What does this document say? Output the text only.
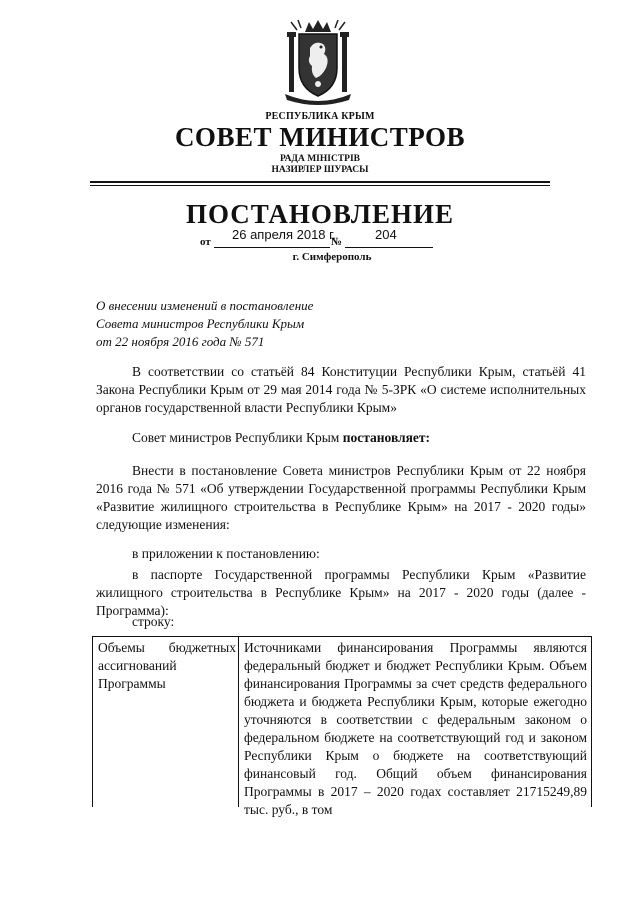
РЕСПУБЛИКА КРЫМ
СОВЕТ МИНИСТРОВ
РАДА МІНІСТРІВ
НАЗИРЛЕР ШУРАСЫ
ПОСТАНОВЛЕНИЕ
26 апреля 2018 г.	204
от	№
г. Симферополь
О внесении изменений в постановление
Совета министров Республики Крым
от 22 ноября 2016 года № 571
В соответствии со статьёй 84 Конституции Республики Крым, статьёй 41 Закона Республики Крым от 29 мая 2014 года № 5-ЗРК «О системе исполнительных органов государственной власти Республики Крым»
Совет министров Республики Крым постановляет:
Внести в постановление Совета министров Республики Крым от 22 ноября 2016 года № 571 «Об утверждении Государственной программы Республики Крым «Развитие жилищного строительства в Республике Крым» на 2017 - 2020 годы» следующие изменения:
в приложении к постановлению:
в паспорте Государственной программы Республики Крым «Развитие жилищного строительства в Республике Крым» на 2017 - 2020 годы (далее - Программа):
строку:
Объемы бюджетных ассигнований Программы
Источниками финансирования Программы являются федеральный бюджет и бюджет Республики Крым. Объем финансирования Программы за счет средств федерального бюджета и бюджета Республики Крым, которые ежегодно уточняются в соответствии с федеральным законом о федеральном бюджете на соответствующий год и законом Республики Крым о бюджете на соответствующий финансовый год. Общий объем финансирования Программы в 2017 – 2020 годах составляет 21715249,89 тыс. руб., в том
